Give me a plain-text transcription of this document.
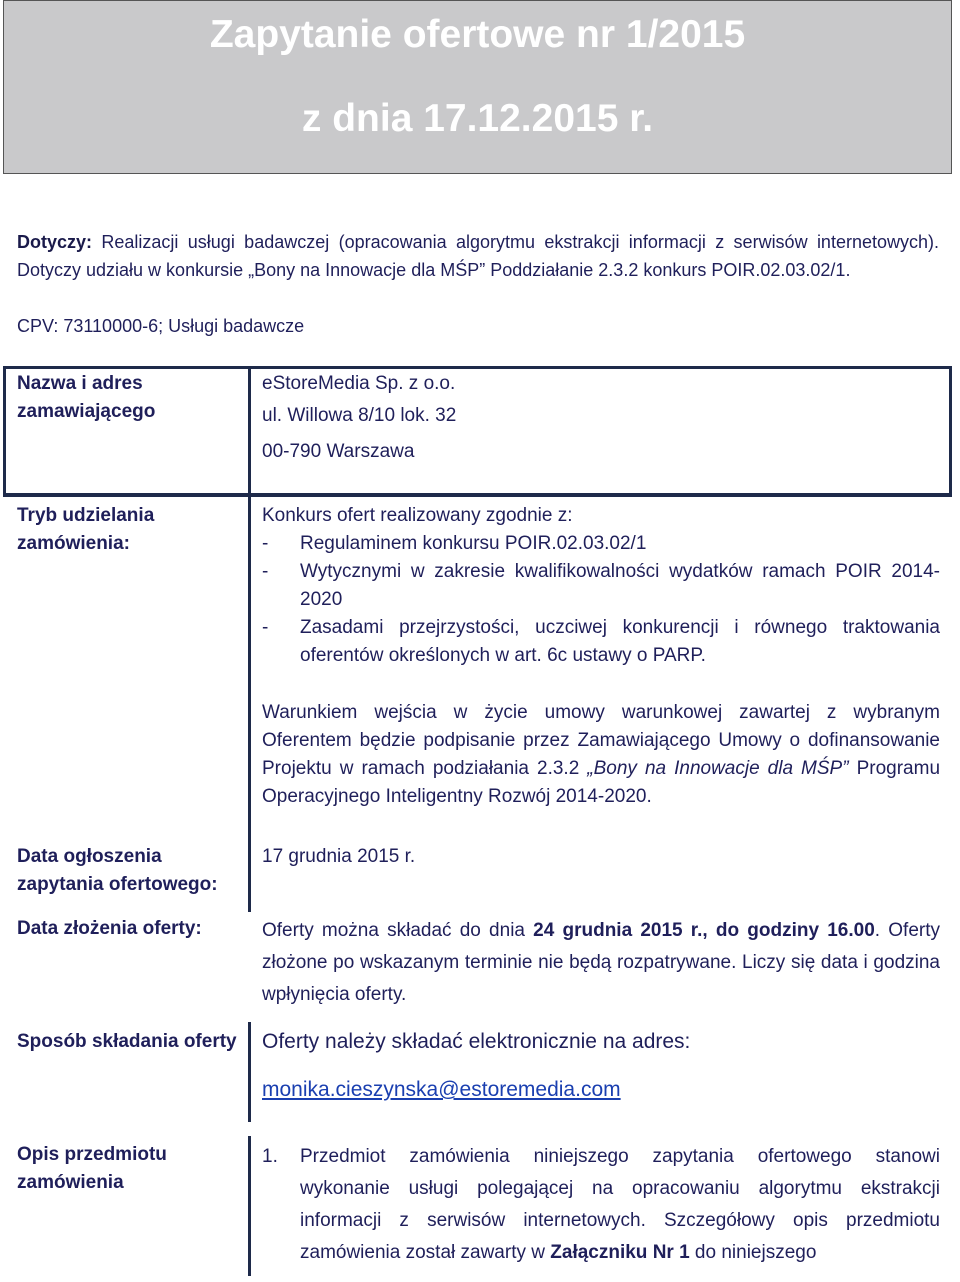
Zapytanie ofertowe nr 1/2015
z dnia 17.12.2015 r.
Dotyczy: Realizacji usługi badawczej (opracowania algorytmu ekstrakcji informacji z serwisów internetowych). Dotyczy udziału w konkursie „Bony na Innowacje dla MŚP” Poddziałanie 2.3.2 konkurs POIR.02.03.02/1.
CPV: 73110000-6; Usługi badawcze
Nazwa i adres zamawiającego
eStoreMedia Sp. z o.o.
ul. Willowa 8/10 lok. 32
00-790 Warszawa
Tryb udzielania zamówienia:
Konkurs ofert realizowany zgodnie z:
- Regulaminem konkursu POIR.02.03.02/1
- Wytycznymi w zakresie kwalifikowalności wydatków ramach POIR 2014-2020
- Zasadami przejrzystości, uczciwej konkurencji i równego traktowania oferentów określonych w art. 6c ustawy o PARP.
Warunkiem wejścia w życie umowy warunkowej zawartej z wybranym Oferentem będzie podpisanie przez Zamawiającego Umowy o dofinansowanie Projektu w ramach podziałania 2.3.2 „Bony na Innowacje dla MŚP” Programu Operacyjnego Inteligentny Rozwój 2014-2020.
Data ogłoszenia zapytania ofertowego:
17 grudnia 2015 r.
Data złożenia oferty:	Oferty można składać do dnia 24 grudnia 2015 r., do godziny 16.00. Oferty złożone po wskazanym terminie nie będą rozpatrywane. Liczy się data i godzina wpłynięcia oferty.
Sposób składania oferty Oferty należy składać elektronicznie na adres:
monika.cieszynska@estoremedia.com
Opis przedmiotu zamówienia
1. Przedmiot zamówienia niniejszego zapytania ofertowego stanowi wykonanie usługi polegającej na opracowaniu algorytmu ekstrakcji informacji z serwisów internetowych. Szczegółowy opis przedmiotu zamówienia został zawarty w Załączniku Nr 1 do niniejszego
